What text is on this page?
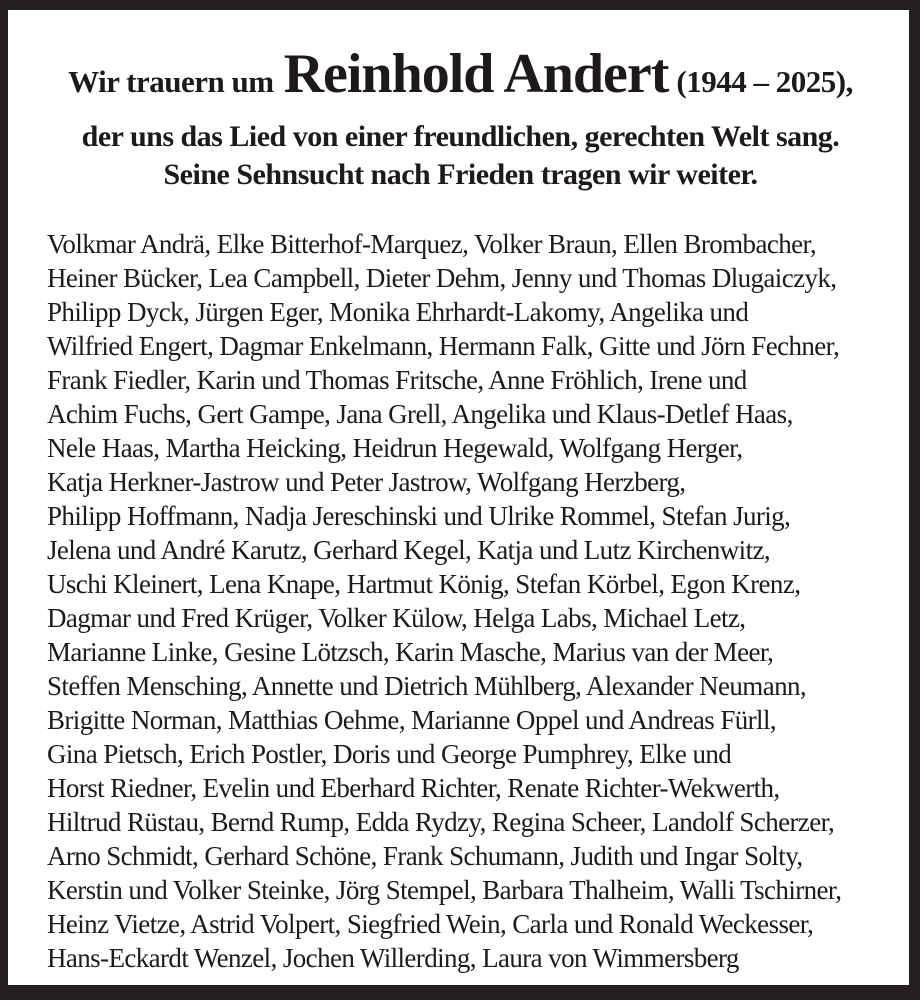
Wir trauern um Reinhold Andert (1944 – 2025),
der uns das Lied von einer freundlichen, gerechten Welt sang.
Seine Sehnsucht nach Frieden tragen wir weiter.
Volkmar Andrä, Elke Bitterhof-Marquez, Volker Braun, Ellen Brombacher,
Heiner Bücker, Lea Campbell, Dieter Dehm, Jenny und Thomas Dlugaiczyk,
Philipp Dyck, Jürgen Eger, Monika Ehrhardt-Lakomy, Angelika und
Wilfried Engert, Dagmar Enkelmann, Hermann Falk, Gitte und Jörn Fechner,
Frank Fiedler, Karin und Thomas Fritsche, Anne Fröhlich, Irene und
Achim Fuchs, Gert Gampe, Jana Grell, Angelika und Klaus-Detlef Haas,
Nele Haas, Martha Heicking, Heidrun Hegewald, Wolfgang Herger,
Katja Herkner-Jastrow und Peter Jastrow, Wolfgang Herzberg,
Philipp Hoffmann, Nadja Jereschinski und Ulrike Rommel, Stefan Jurig,
Jelena und André Karutz, Gerhard Kegel, Katja und Lutz Kirchenwitz,
Uschi Kleinert, Lena Knape, Hartmut König, Stefan Körbel, Egon Krenz,
Dagmar und Fred Krüger, Volker Külow, Helga Labs, Michael Letz,
Marianne Linke, Gesine Lötzsch, Karin Masche, Marius van der Meer,
Steffen Mensching, Annette und Dietrich Mühlberg, Alexander Neumann,
Brigitte Norman, Matthias Oehme, Marianne Oppel und Andreas Fürll,
Gina Pietsch, Erich Postler, Doris und George Pumphrey, Elke und
Horst Riedner, Evelin und Eberhard Richter, Renate Richter-Wekwerth,
Hiltrud Rüstau, Bernd Rump, Edda Rydzy, Regina Scheer, Landolf Scherzer,
Arno Schmidt, Gerhard Schöne, Frank Schumann, Judith und Ingar Solty,
Kerstin und Volker Steinke, Jörg Stempel, Barbara Thalheim, Walli Tschirner,
Heinz Vietze, Astrid Volpert, Siegfried Wein, Carla und Ronald Weckesser,
Hans-Eckardt Wenzel, Jochen Willerding, Laura von Wimmersberg
